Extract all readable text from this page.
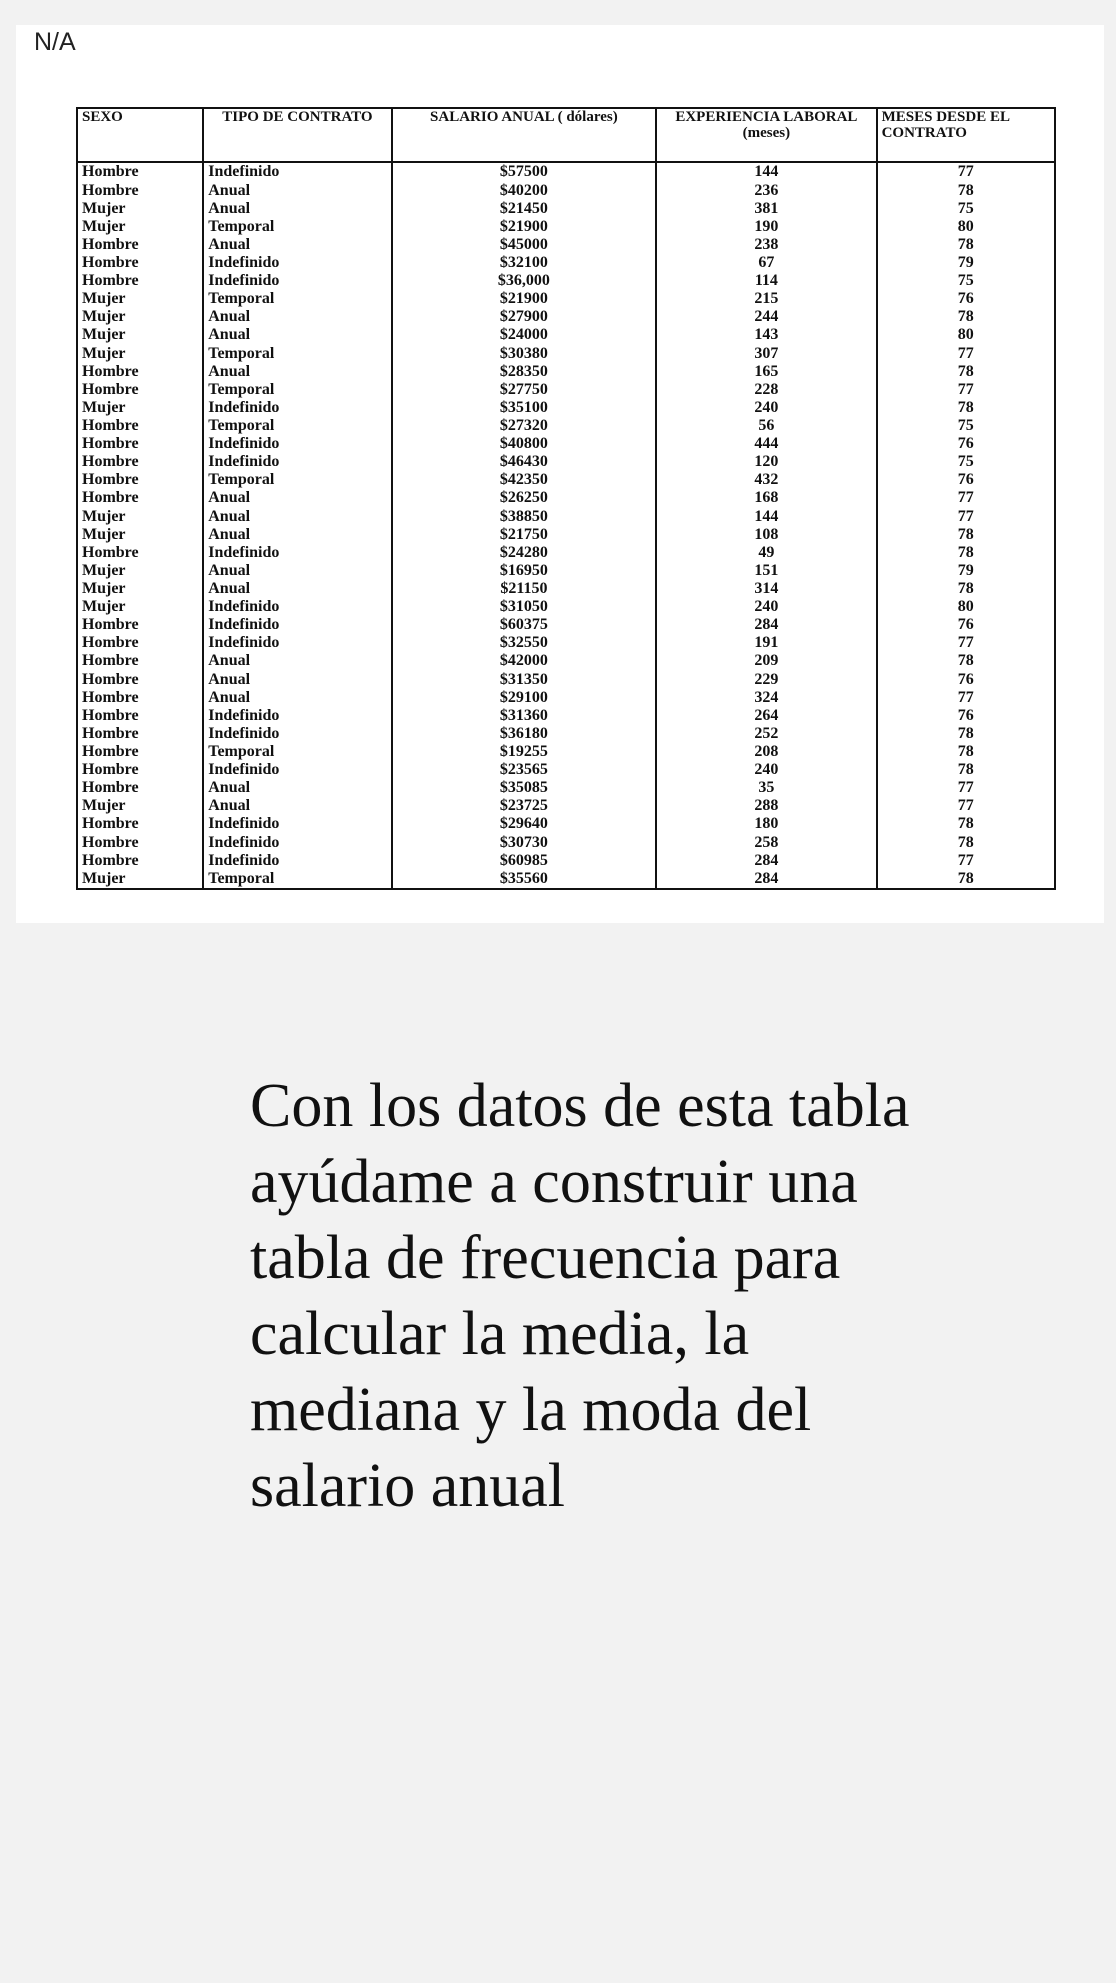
N/A
SEXO	TIPO DE CONTRATO	SALARIO ANUAL ( dólares)	EXPERIENCIA LABORAL (meses)	MESES DESDE EL CONTRATO
Hombre	Indefinido	$57500	144	77
Hombre	Anual	$40200	236	78
Mujer	Anual	$21450	381	75
Mujer	Temporal	$21900	190	80
Hombre	Anual	$45000	238	78
Hombre	Indefinido	$32100	67	79
Hombre	Indefinido	$36,000	114	75
Mujer	Temporal	$21900	215	76
Mujer	Anual	$27900	244	78
Mujer	Anual	$24000	143	80
Mujer	Temporal	$30380	307	77
Hombre	Anual	$28350	165	78
Hombre	Temporal	$27750	228	77
Mujer	Indefinido	$35100	240	78
Hombre	Temporal	$27320	56	75
Hombre	Indefinido	$40800	444	76
Hombre	Indefinido	$46430	120	75
Hombre	Temporal	$42350	432	76
Hombre	Anual	$26250	168	77
Mujer	Anual	$38850	144	77
Mujer	Anual	$21750	108	78
Hombre	Indefinido	$24280	49	78
Mujer	Anual	$16950	151	79
Mujer	Anual	$21150	314	78
Mujer	Indefinido	$31050	240	80
Hombre	Indefinido	$60375	284	76
Hombre	Indefinido	$32550	191	77
Hombre	Anual	$42000	209	78
Hombre	Anual	$31350	229	76
Hombre	Anual	$29100	324	77
Hombre	Indefinido	$31360	264	76
Hombre	Indefinido	$36180	252	78
Hombre	Temporal	$19255	208	78
Hombre	Indefinido	$23565	240	78
Hombre	Anual	$35085	35	77
Mujer	Anual	$23725	288	77
Hombre	Indefinido	$29640	180	78
Hombre	Indefinido	$30730	258	78
Hombre	Indefinido	$60985	284	77
Mujer	Temporal	$35560	284	78

Con los datos de esta tabla ayúdame a construir una tabla de frecuencia para calcular la media, la mediana y la moda del salario anual
